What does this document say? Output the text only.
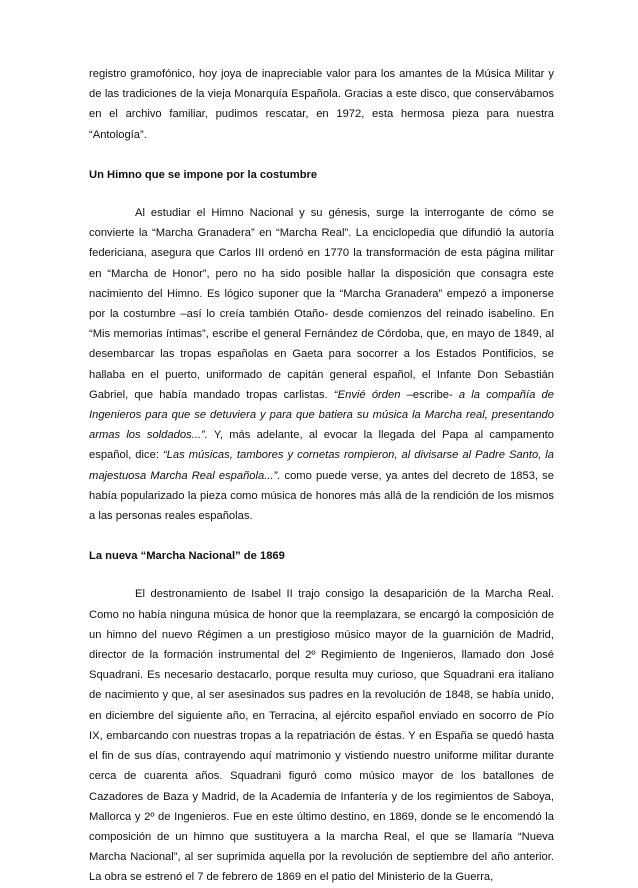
registro gramofónico, hoy joya de inapreciable valor para los amantes de la Música Militar y de las tradiciones de la vieja Monarquía Española. Gracias a este disco, que conservábamos en el archivo familiar, pudimos rescatar, en 1972, esta hermosa pieza para nuestra “Antología”.

Un Himno que se impone por la costumbre

Al estudiar el Himno Nacional y su génesis, surge la interrogante de cómo se convierte la “Marcha Granadera” en “Marcha Real”. La enciclopedia que difundió la autoría federiciana, asegura que Carlos III ordenó en 1770 la transformación de esta página militar en “Marcha de Honor”, pero no ha sido posible hallar la disposición que consagra este nacimiento del Himno. Es lógico suponer que la “Marcha Granadera” empezó a imponerse por la costumbre –así lo creía también Otaño- desde comienzos del reinado isabelino. En “Mis memorias íntimas”, escribe el general Fernández de Córdoba, que, en mayo de 1849, al desembarcar las tropas españolas en Gaeta para socorrer a los Estados Pontificios, se hallaba en el puerto, uniformado de capitán general español, el Infante Don Sebastián Gabriel, que había mandado tropas carlistas. “Envié órden –escribe- a la compañía de Ingenieros para que se detuviera y para que batiera su música la Marcha real, presentando armas los soldados...”. Y, más adelante, al evocar la llegada del Papa al campamento español, dice: “Las músicas, tambores y cornetas rompieron, al divisarse al Padre Santo, la majestuosa Marcha Real española...”. como puede verse, ya antes del decreto de 1853, se había popularizado la pieza como música de honores más allá de la rendición de los mismos a las personas reales españolas.

La nueva “Marcha Nacional” de 1869

El destronamiento de Isabel II trajo consigo la desaparición de la Marcha Real. Como no había ninguna música de honor que la reemplazara, se encargó la composición de un himno del nuevo Régimen a un prestigioso músico mayor de la guarnición de Madrid, director de la formación instrumental del 2º Regimiento de Ingenieros, llamado don José Squadrani. Es necesario destacarlo, porque resulta muy curioso, que Squadrani era italiano de nacimiento y que, al ser asesinados sus padres en la revolución de 1848, se había unido, en diciembre del siguiente año, en Terracina, al ejército español enviado en socorro de Pío IX, embarcando con nuestras tropas a la repatriación de éstas. Y en España se quedó hasta el fin de sus días, contrayendo aquí matrimonio y vistiendo nuestro uniforme militar durante cerca de cuarenta años. Squadrani figuró como músico mayor de los batallones de Cazadores de Baza y Madrid, de la Academia de Infantería y de los regimientos de Saboya, Mallorca y 2º de Ingenieros. Fue en este último destino, en 1869, donde se le encomendó la composición de un himno que sustituyera a la marcha Real, el que se llamaría “Nueva Marcha Nacional”, al ser suprimida aquella por la revolución de septiembre del año anterior. La obra se estrenó el 7 de febrero de 1869 en el patio del Ministerio de la Guerra,
